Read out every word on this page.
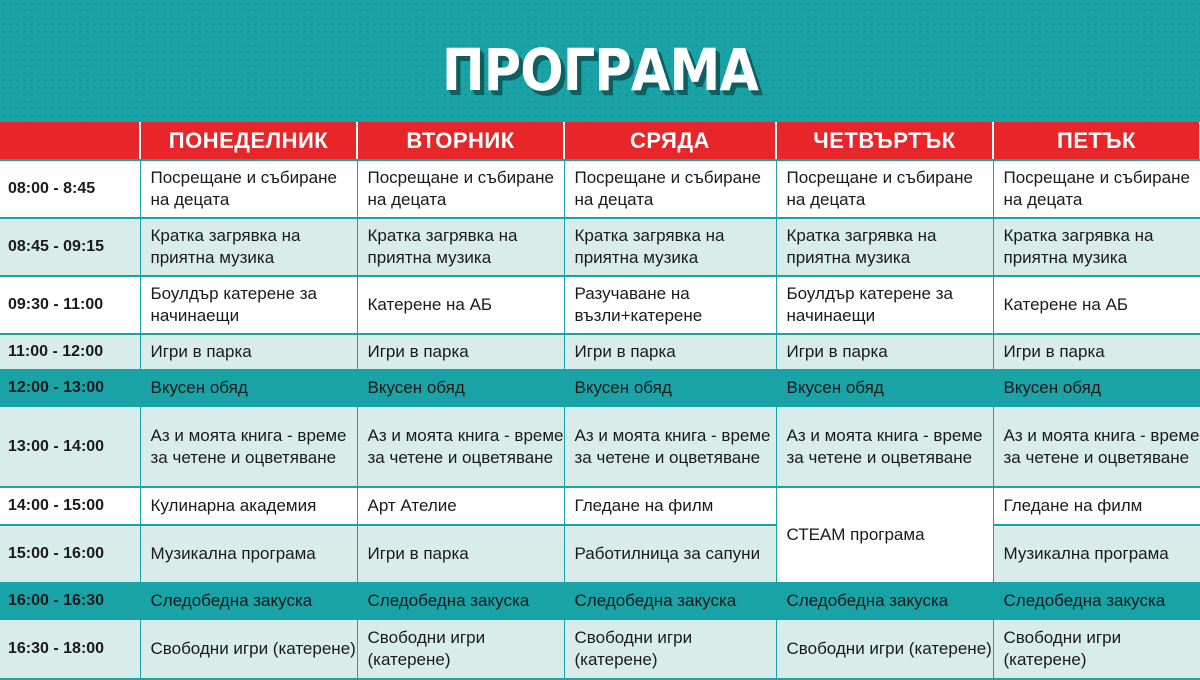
ПРОГРАМА
	ПОНЕДЕЛНИК	ВТОРНИК	СРЯДА	ЧЕТВЪРТЪК	ПЕТЪК
08:00 - 8:45	Посрещане и събиране на децата	Посрещане и събиране на децата	Посрещане и събиране на децата	Посрещане и събиране на децата	Посрещане и събиране на децата
08:45 - 09:15	Кратка загрявка на приятна музика	Кратка загрявка на приятна музика	Кратка загрявка на приятна музика	Кратка загрявка на приятна музика	Кратка загрявка на приятна музика
09:30 - 11:00	Боулдър катерене за начинаещи	Катерене на АБ	Разучаване на възли+катерене	Боулдър катерене за начинаещи	Катерене на АБ
11:00 - 12:00	Игри в парка	Игри в парка	Игри в парка	Игри в парка	Игри в парка
12:00 - 13:00	Вкусен обяд	Вкусен обяд	Вкусен обяд	Вкусен обяд	Вкусен обяд
13:00 - 14:00	Аз и моята книга - време за четене и оцветяване	Аз и моята книга - време за четене и оцветяване	Аз и моята книга - време за четене и оцветяване	Аз и моята книга - време за четене и оцветяване	Аз и моята книга - време за четене и оцветяване
14:00 - 15:00	Кулинарна академия	Арт Ателие	Гледане на филм	СТЕАМ програма	Гледане на филм
15:00 - 16:00	Музикална програма	Игри в парка	Работилница за сапуни		Музикална програма
16:00 - 16:30	Следобедна закуска	Следобедна закуска	Следобедна закуска	Следобедна закуска	Следобедна закуска
16:30 - 18:00	Свободни игри (катерене)	Свободни игри (катерене)	Свободни игри (катерене)	Свободни игри (катерене)	Свободни игри (катерене)
